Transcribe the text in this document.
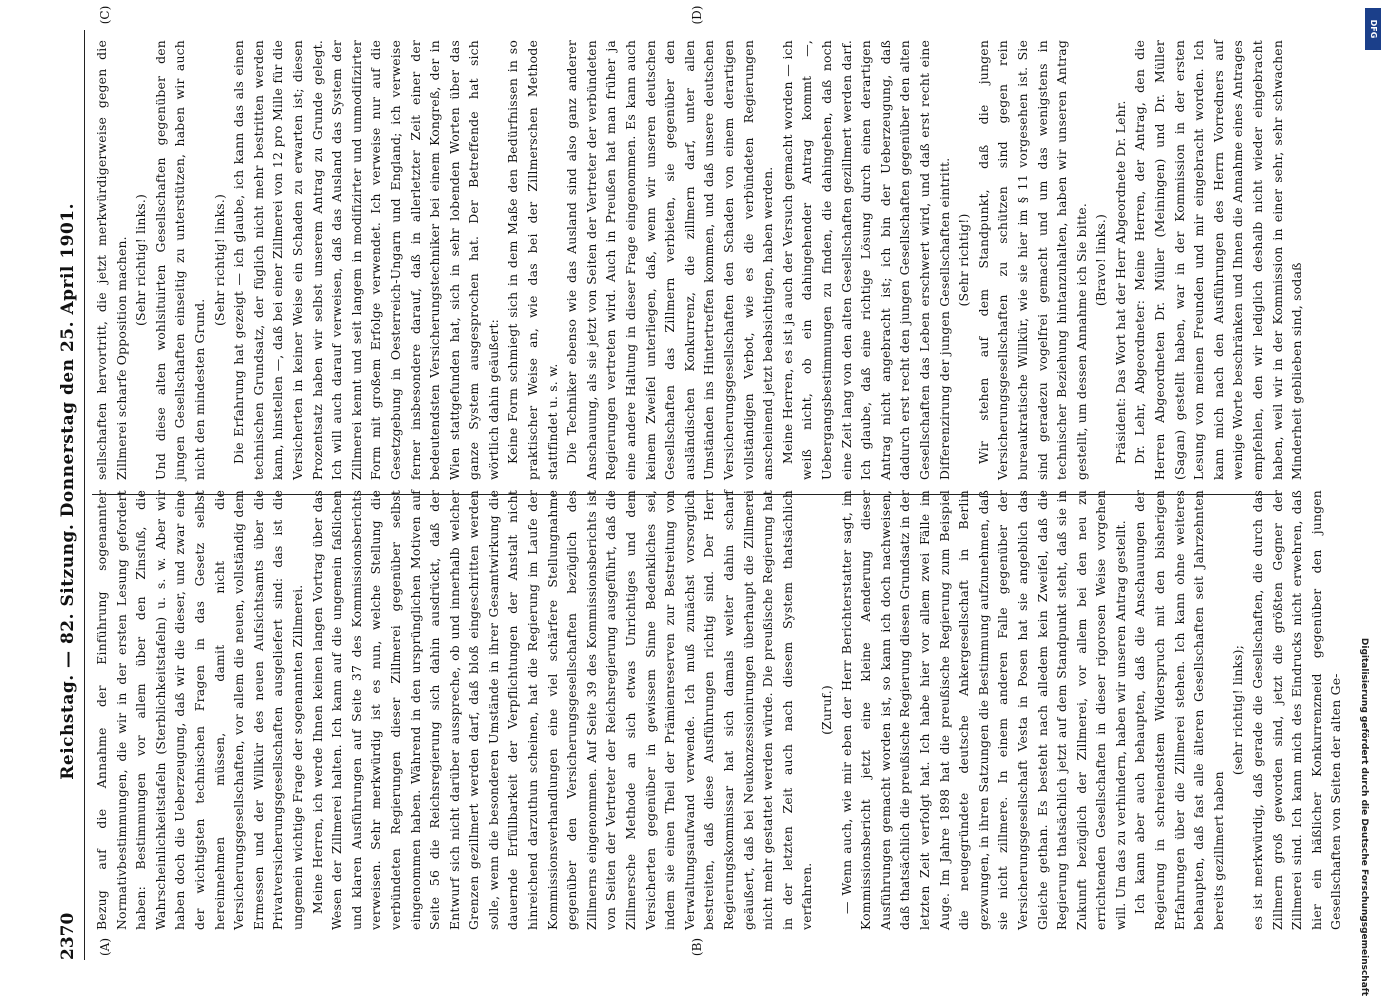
2370
Reichstag. — 82. Sitzung. Donnerstag den 25. April 1901.
(A)	(B)
(C)	(D)

Bezug auf die Annahme der Einführung sogenannter Normativbestimmungen, die wir in der ersten Lesung gefordert haben: Bestimmungen vor allem über den Zinsfuß, die Wahrscheinlichkeitstafeln (Sterblichkeitstafeln) u. s. w. Aber wir haben doch die Ueberzeugung, daß wir die dieser, und zwar eine der wichtigsten technischen Fragen in das Gesetz selbst hereinnehmen müssen, damit nicht die Versicherungsgesellschaften, vor allem die neuen, vollständig dem Ermessen und der Willkür des neuen Aufsichtsamts über die Privatversicherungsgesellschaften ausgeliefert sind: das ist die ungemein wichtige Frage der sogenannten Zillmerei. Meine Herren, ich werde Ihnen keinen langen Vortrag über das Wesen der Zillmerei halten. Ich kann auf die ungemein faßlichen und klaren Ausführungen auf Seite 37 des Kommissionsberichts verweisen. Sehr merkwürdig ist es nun, welche Stellung die verbündeten Regierungen dieser Zillmerei gegenüber selbst eingenommen haben. Während in den ursprünglichen Motiven auf Seite 56 die Reichsregierung sich dahin ausdrückt, daß der Entwurf sich nicht darüber ausspreche, ob und innerhalb welcher Grenzen gezillmert werden darf, daß bloß eingeschritten werden solle, wenn die besonderen Umstände in ihrer Gesamtwirkung die dauernde Erfüllbarkeit der Verpflichtungen der Anstalt nicht hinreichend darzuthun scheinen, hat die Regierung im Laufe der Kommissionsverhandlungen eine viel schärfere Stellungnahme gegenüber den Versicherungsgesellschaften bezüglich des Zillmerns eingenommen. Auf Seite 39 des Kommissionsberichts ist von Seiten der Vertreter der Reichsregierung ausgeführt, daß die Zillmersche Methode an sich etwas Unrichtiges und dem Versicherten gegenüber in gewissem Sinne Bedenkliches sei, indem sie einen Theil der Prämienreserven zur Bestreitung von Verwaltungsaufwand verwende. Ich muß zunächst vorsorglich bestreiten, daß diese Ausführungen richtig sind. Der Herr Regierungskommissar hat sich damals weiter dahin scharf geäußert, daß bei Neukonzessionirungen überhaupt die Zillmerei nicht mehr gestattet werden würde. Die preußische Regierung hat in der letzten Zeit auch nach diesem System thatsächlich verfahren.

(Zuruf.) — Wenn auch, wie mir eben der Herr Berichterstatter sagt, im Kommissionsbericht jetzt eine kleine Aenderung dieser Ausführungen gemacht worden ist, so kann ich doch nachweisen, daß thatsächlich die preußische Regierung diesen Grundsatz in der letzten Zeit verfolgt hat. Ich habe hier vor allem zwei Fälle im Auge. Im Jahre 1898 hat die preußische Regierung zum Beispiel die neugegründete deutsche Ankergesellschaft in Berlin gezwungen, in ihren Satzungen die Bestimmung aufzunehmen, daß sie nicht zillmere. In einem anderen Falle gegenüber der Versicherungsgesellschaft Vesta in Posen hat sie angeblich das Gleiche gethan. Es besteht nach alledem kein Zweifel, daß die Regierung thatsächlich jetzt auf dem Standpunkt steht, daß sie in Zukunft bezüglich der Zillmerei, vor allem bei den neu zu errichtenden Gesellschaften in dieser rigorosen Weise vorgehen will. Um das zu verhindern, haben wir unseren Antrag gestellt. Ich kann aber auch behaupten, daß die Anschauungen der Regierung in schreiendstem Widerspruch mit den bisherigen Erfahrungen über die Zillmerei stehen. Ich kann ohne weiteres behaupten, daß fast alle älteren Gesellschaften seit Jahrzehnten bereits gezillmert haben

(sehr richtig! links); es ist merkwürdig, daß gerade die Gesellschaften, die durch das Zillmern groß geworden sind, jetzt die größten Gegner der Zillmerei sind. Ich kann mich des Eindrucks nicht erwehren, daß hier ein häßlicher Konkurrenzneid gegenüber den jungen Gesellschaften von Seiten der alten Ge-

sellschaften hervortritt, die jetzt merkwürdigerweise gegen die Zillmerei scharfe Opposition machen. (Sehr richtig! links.) Und diese alten wohlsituirten Gesellschaften gegenüber den jungen Gesellschaften einseitig zu unterstützen, haben wir auch nicht den mindesten Grund.

(Sehr richtig! links.) Die Erfahrung hat gezeigt — ich glaube, ich kann das als einen technischen Grundsatz, der füglich nicht mehr bestritten werden kann, hinstellen —, daß bei einer Zillmerei von 12 pro Mille für die Versicherten in keiner Weise ein Schaden zu erwarten ist; diesen Prozentsatz haben wir selbst unserem Antrag zu Grunde gelegt. Ich will auch darauf verweisen, daß das Ausland das System der Zillmerei kennt und seit langem in modifizirter und unmodifizirter Form mit großem Erfolge verwendet. Ich verweise nur auf die Gesetzgebung in Oesterreich-Ungarn und England; ich verweise ferner insbesondere darauf, daß in allerletzter Zeit einer der bedeutendsten Versicherungstechniker bei einem Kongreß, der in Wien stattgefunden hat, sich in sehr lobenden Worten über das ganze System ausgesprochen hat. Der Betreffende hat sich wörtlich dahin geäußert: Keine Form schmiegt sich in dem Maße den Bedürfnissen in so praktischer Weise an, wie das bei der Zillmerschen Methode stattfindet u. s. w. Die Techniker ebenso wie das Ausland sind also ganz anderer Anschauung, als sie jetzt von Seiten der Vertreter der verbündeten Regierungen vertreten wird. Auch in Preußen hat man früher ja eine andere Haltung in dieser Frage eingenommen. Es kann auch keinem Zweifel unterliegen, daß, wenn wir unseren deutschen Gesellschaften das Zillmern verbieten, sie gegenüber den ausländischen Konkurrenz, die zillmern darf, unter allen Umständen ins Hintertreffen kommen, und daß unsere deutschen Versicherungsgesellschaften den Schaden von einem derartigen vollständigen Verbot, wie es die verbündeten Regierungen anscheinend jetzt beabsichtigen, haben werden. Meine Herren, es ist ja auch der Versuch gemacht worden — ich weiß nicht, ob ein dahingehender Antrag kommt —, Uebergangsbestimmungen zu finden, die dahingehen, daß noch eine Zeit lang von den alten Gesellschaften gezillmert werden darf. Ich glaube, daß eine richtige Lösung durch einen derartigen Antrag nicht angebracht ist; ich bin der Ueberzeugung, daß dadurch erst recht den jungen Gesellschaften gegenüber den alten Gesellschaften das Leben erschwert wird, und daß erst recht eine Differenzirung der jungen Gesellschaften eintritt. (Sehr richtig!) Wir stehen auf dem Standpunkt, daß die jungen Versicherungsgesellschaften zu schützen sind gegen rein bureaukratische Willkür, wie sie hier im § 11 vorgesehen ist. Sie sind geradezu vogelfrei gemacht und um das wenigstens in technischer Beziehung hintanzuhalten, haben wir unseren Antrag gestellt, um dessen Annahme ich Sie bitte. (Bravo! links.) Präsident: Das Wort hat der Herr Abgeordnete Dr. Lehr. Dr. Lehr, Abgeordneter: Meine Herren, der Antrag, den die Herren Abgeordneten Dr. Müller (Meiningen) und Dr. Müller (Sagan) gestellt haben, war in der Kommission in der ersten Lesung von meinen Freunden und mir eingebracht worden. Ich kann mich nach den Ausführungen des Herrn Vorredners auf wenige Worte beschränken und Ihnen die Annahme eines Antrages empfehlen, den wir lediglich deshalb nicht wieder eingebracht haben, weil wir in der Kommission in einer sehr, sehr schwachen Minderheit geblieben sind, sodaß

DFG
Digitalisierung gefördert durch die Deutsche Forschungsgemeinschaft
